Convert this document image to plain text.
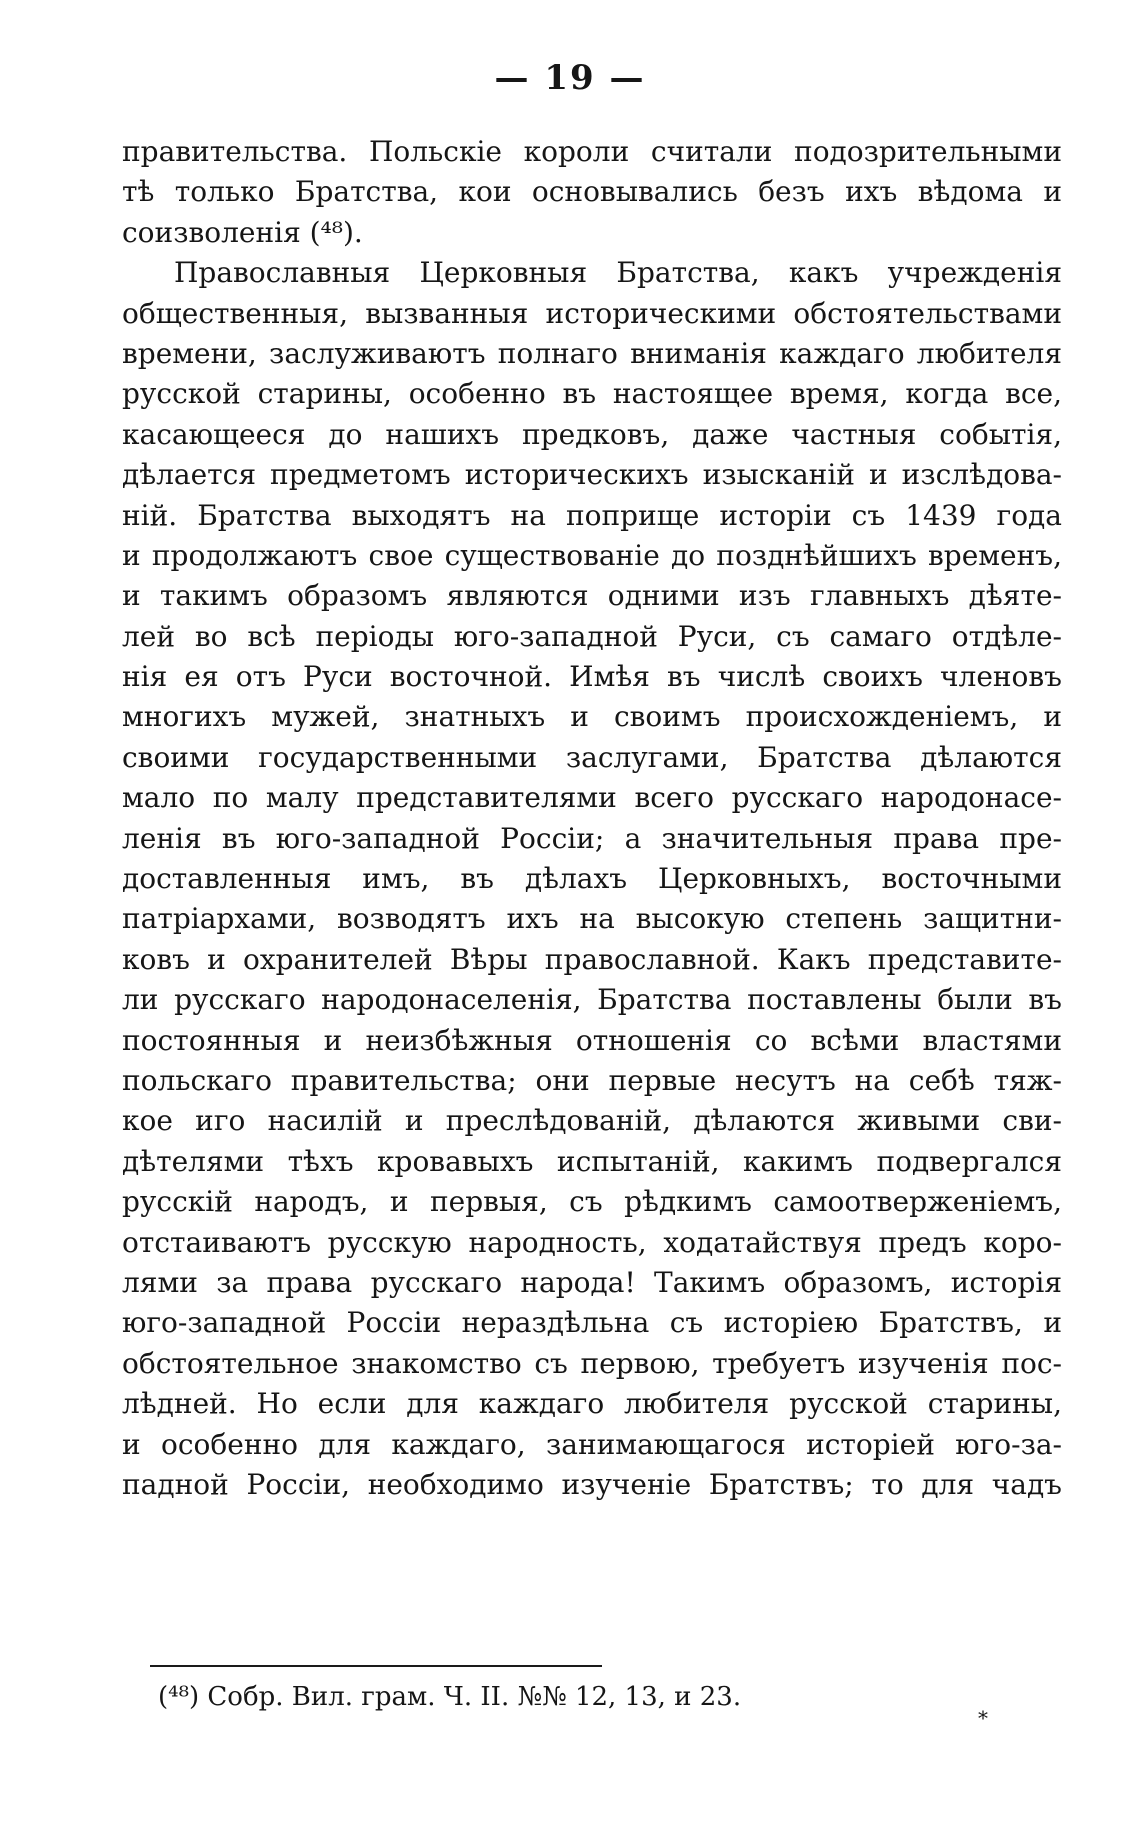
— 19 —
правительства. Польскіе короли считали подозрительными
тѣ только Братства, кои основывались безъ ихъ вѣдома и
соизволенія (⁴⁸).
Православныя Церковныя Братства, какъ учрежденія
общественныя, вызванныя историческими обстоятельствами
времени, заслуживаютъ полнаго вниманія каждаго любителя
русской старины, особенно въ настоящее время, когда все,
касающееся до нашихъ предковъ, даже частныя событія,
дѣлается предметомъ историческихъ изысканій и изслѣдова-
ній. Братства выходятъ на поприще исторіи съ 1439 года
и продолжаютъ свое существованіе до позднѣйшихъ временъ,
и такимъ образомъ являются одними изъ главныхъ дѣяте-
лей во всѣ періоды юго-западной Руси, съ самаго отдѣле-
нія ея отъ Руси восточной. Имѣя въ числѣ своихъ членовъ
многихъ мужей, знатныхъ и своимъ происхожденіемъ, и
своими государственными заслугами, Братства дѣлаются
мало по малу представителями всего русскаго народонасе-
ленія въ юго-западной Россіи; а значительныя права пре-
доставленныя имъ, въ дѣлахъ Церковныхъ, восточными
патріархами, возводятъ ихъ на высокую степень защитни-
ковъ и охранителей Вѣры православной. Какъ представите-
ли русскаго народонаселенія, Братства поставлены были въ
постоянныя и неизбѣжныя отношенія со всѣми властями
польскаго правительства; они первые несутъ на себѣ тяж-
кое иго насилій и преслѣдованій, дѣлаются живыми сви-
дѣтелями тѣхъ кровавыхъ испытаній, какимъ подвергался
русскій народъ, и первыя, съ рѣдкимъ самоотверженіемъ,
отстаиваютъ русскую народность, ходатайствуя предъ коро-
лями за права русскаго народа! Такимъ образомъ, исторія
юго-западной Россіи нераздѣльна съ исторіею Братствъ, и
обстоятельное знакомство съ первою, требуетъ изученія пос-
лѣдней. Но если для каждаго любителя русской старины,
и особенно для каждаго, занимающагося исторіей юго-за-
падной Россіи, необходимо изученіе Братствъ; то для чадъ
(⁴⁸) Собр. Вил. грам. Ч. II. №№ 12, 13, и 23.
*
